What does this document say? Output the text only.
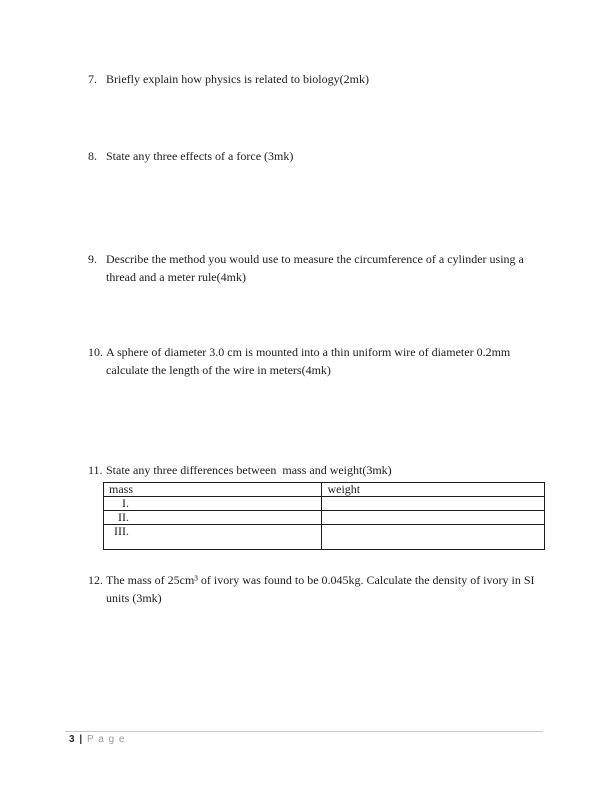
7. Briefly explain how physics is related to biology(2mk)
8. State any three effects of a force (3mk)
9. Describe the method you would use to measure the circumference of a cylinder using a thread and a meter rule(4mk)
10. A sphere of diameter 3.0 cm is mounted into a thin uniform wire of diameter 0.2mm calculate the length of the wire in meters(4mk)
11. State any three differences between  mass and weight(3mk)
mass	weight
I.	
II.	
III.	
12. The mass of 25cm³ of ivory was found to be 0.045kg. Calculate the density of ivory in SI units (3mk)
3 | P a g e
